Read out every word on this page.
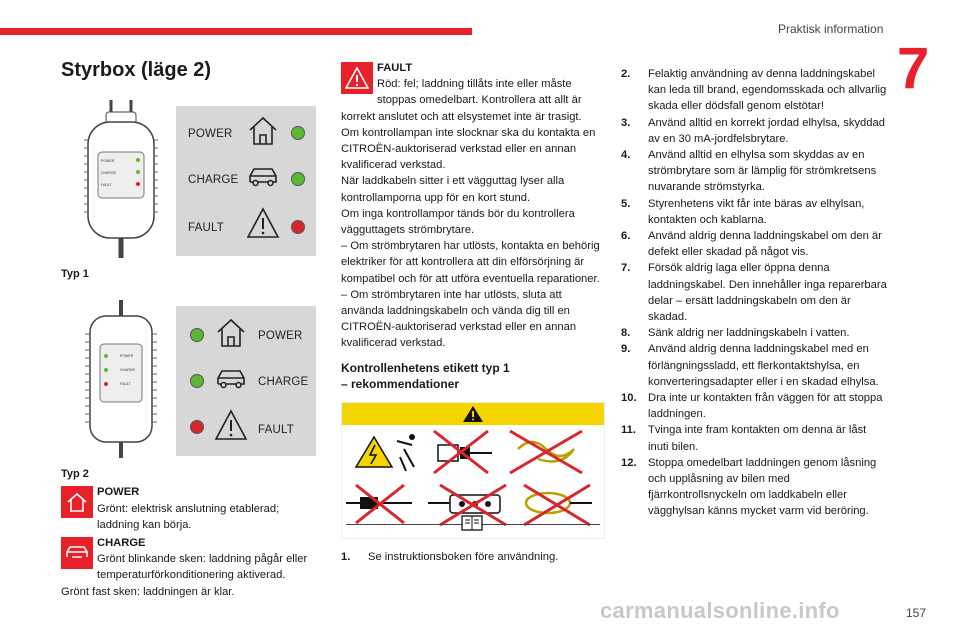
Praktisk information
7
Styrbox (läge 2)
POWER
CHARGE
FAULT
POWER
CHARGE
FAULT

Typ 1

POWER
CHARGE
FAULT
POWER
CHARGE
FAULT

Typ 2

POWER

Grönt: elektrisk anslutning etablerad; laddning kan börja.

CHARGE

Grönt blinkande sken: laddning pågår eller temperaturförkonditionering aktiverad.

Grönt fast sken: laddningen är klar.

FAULT

Röd: fel; laddning tillåts inte eller måste stoppas omedelbart. Kontrollera att allt är korrekt anslutet och att elsystemet inte är trasigt.

Om kontrollampan inte slocknar ska du kontakta en CITROËN-auktoriserad verkstad eller en annan kvalificerad verkstad.

När laddkabeln sitter i ett vägguttag lyser alla kontrollamporna upp för en kort stund.

Om inga kontrollampor tänds bör du kontrollera vägguttagets strömbrytare.

– Om strömbrytaren har utlösts, kontakta en behörig elektriker för att kontrollera att din elförsörjning är kompatibel och för att utföra eventuella reparationer.

– Om strömbrytaren inte har utlösts, sluta att använda laddningskabeln och vända dig till en CITROËN-auktoriserad verkstad eller en annan kvalificerad verkstad.

Kontrollenhetens etikett typ 1
– rekommendationer
1. Se instruktionsboken före användning.
2. Felaktig användning av denna laddningskabel kan leda till brand, egendomsskada och allvarlig skada eller dödsfall genom elstötar!
3. Använd alltid en korrekt jordad elhylsa, skyddad av en 30 mA-jordfelsbrytare.
4. Använd alltid en elhylsa som skyddas av en strömbrytare som är lämplig för strömkretsens nuvarande strömstyrka.
5. Styrenhetens vikt får inte bäras av elhylsan, kontakten och kablarna.
6. Använd aldrig denna laddningskabel om den är defekt eller skadad på något vis.
7. Försök aldrig laga eller öppna denna laddningskabel. Den innehåller inga reparerbara delar – ersätt laddningskabeln om den är skadad.
8. Sänk aldrig ner laddningskabeln i vatten.
9. Använd aldrig denna laddningskabel med en förlängningssladd, ett flerkontaktshylsa, en konverteringsadapter eller i en skadad elhylsa.
10. Dra inte ur kontakten från väggen för att stoppa laddningen.
11. Tvinga inte fram kontakten om denna är låst inuti bilen.
12. Stoppa omedelbart laddningen genom låsning och upplåsning av bilen med fjärrkontrollsnyckeln om laddkabeln eller vägghylsan känns mycket varm vid beröring.
carmanualsonline.info	157
